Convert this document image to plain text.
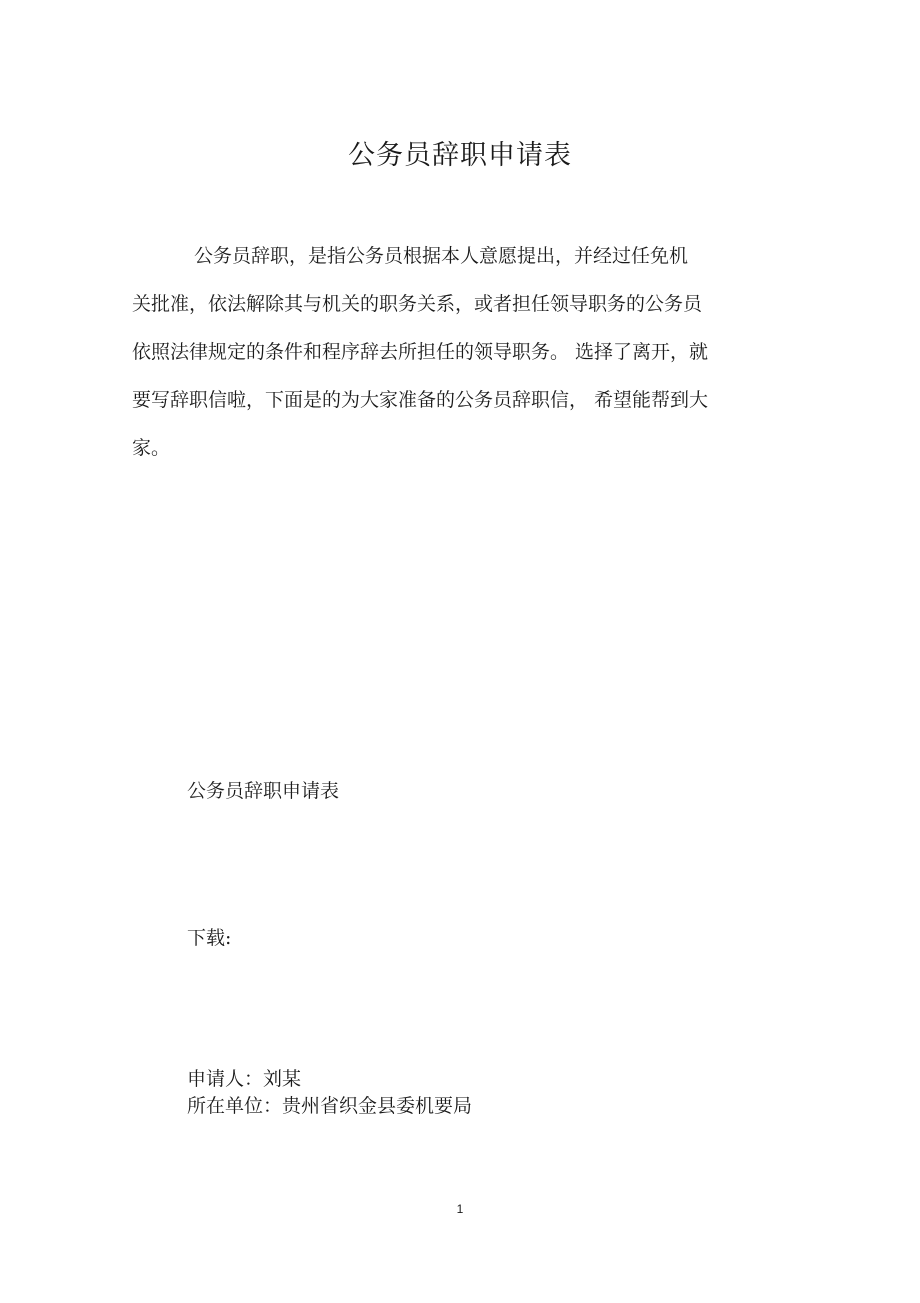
公务员辞职申请表

公务员辞职，是指公务员根据本人意愿提出，并经过任免机
关批准，依法解除其与机关的职务关系，或者担任领导职务的公务员
依照法律规定的条件和程序辞去所担任的领导职务。 选择了离开，就
要写辞职信啦，下面是的为大家准备的公务员辞职信， 希望能帮到大
家。

公务员辞职申请表
下载:
申请人：刘某
所在单位：贵州省织金县委机要局
1
